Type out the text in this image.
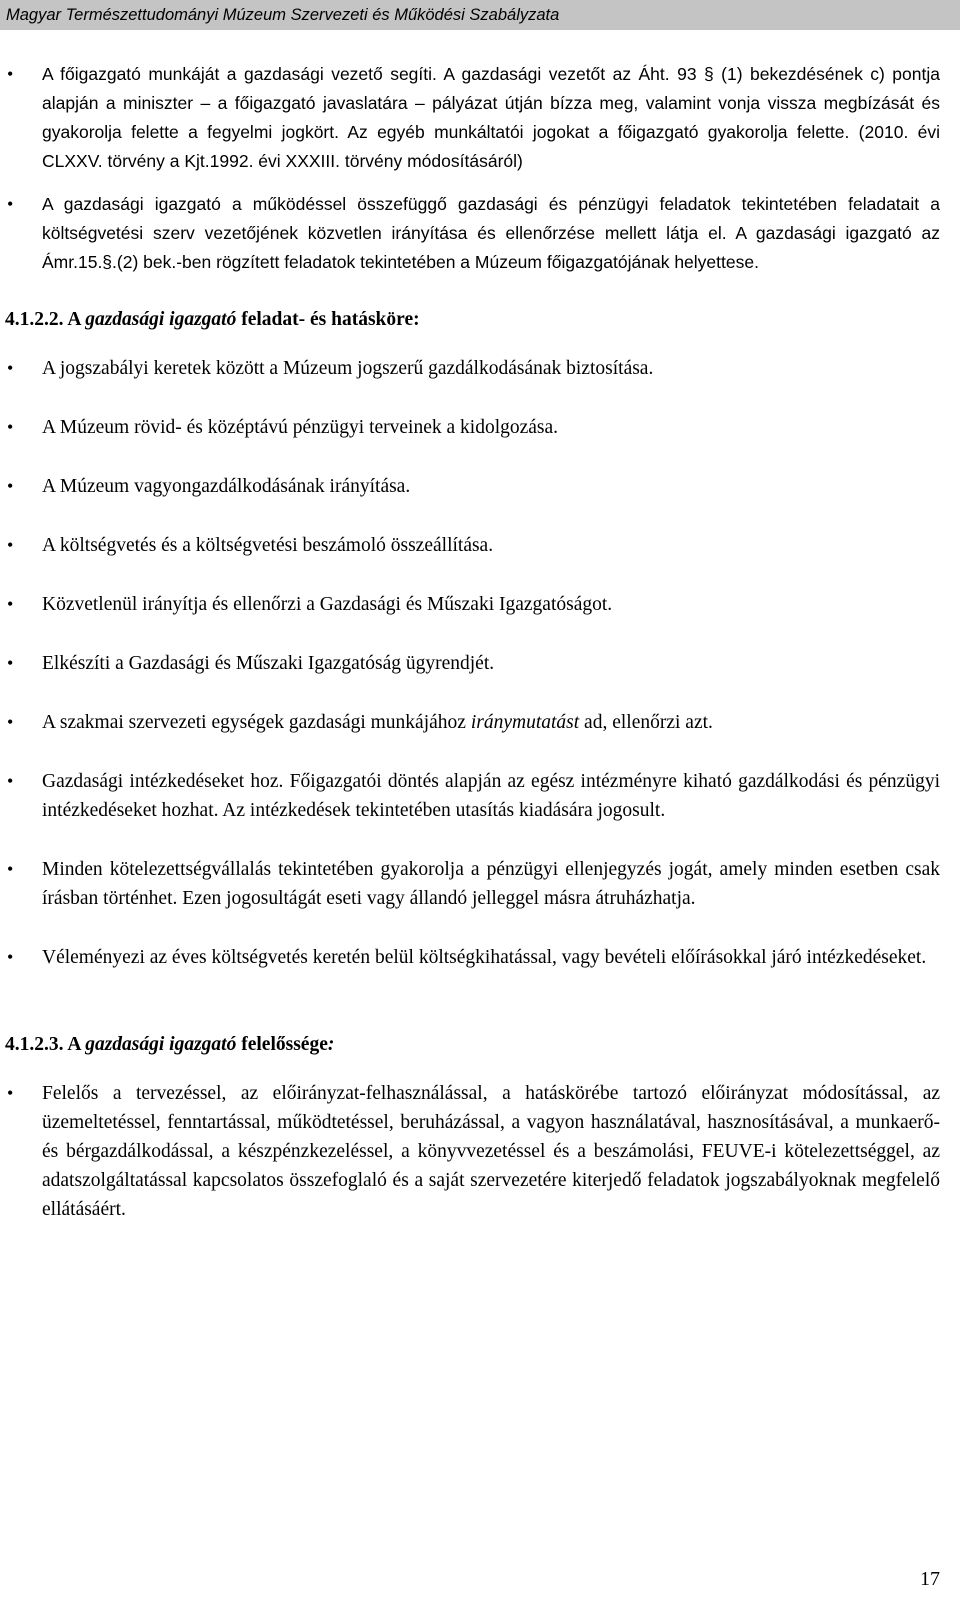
Magyar Természettudományi Múzeum Szervezeti és Működési Szabályzata
• A főigazgató munkáját a gazdasági vezető segíti. A gazdasági vezetőt az Áht. 93 § (1) bekezdésének c) pontja alapján a miniszter – a főigazgató javaslatára – pályázat útján bízza meg, valamint vonja vissza megbízását és gyakorolja felette a fegyelmi jogkört. Az egyéb munkáltatói jogokat a főigazgató gyakorolja felette. (2010. évi CLXXV. törvény a Kjt.1992. évi XXXIII. törvény módosításáról)
• A gazdasági igazgató a működéssel összefüggő gazdasági és pénzügyi feladatok tekintetében feladatait a költségvetési szerv vezetőjének közvetlen irányítása és ellenőrzése mellett látja el. A gazdasági igazgató az Ámr.15.§.(2) bek.-ben rögzített feladatok tekintetében a Múzeum főigazgatójának helyettese.
4.1.2.2. A gazdasági igazgató feladat- és hatásköre:
• A jogszabályi keretek között a Múzeum jogszerű gazdálkodásának biztosítása.
• A Múzeum rövid- és középtávú pénzügyi terveinek a kidolgozása.
• A Múzeum vagyongazdálkodásának irányítása.
• A költségvetés és a költségvetési beszámoló összeállítása.
• Közvetlenül irányítja és ellenőrzi a Gazdasági és Műszaki Igazgatóságot.
• Elkészíti a Gazdasági és Műszaki Igazgatóság ügyrendjét.
• A szakmai szervezeti egységek gazdasági munkájához iránymutatást ad, ellenőrzi azt.
• Gazdasági intézkedéseket hoz. Főigazgatói döntés alapján az egész intézményre kiható gazdálkodási és pénzügyi intézkedéseket hozhat. Az intézkedések tekintetében utasítás kiadására jogosult.
• Minden kötelezettségvállalás tekintetében gyakorolja a pénzügyi ellenjegyzés jogát, amely minden esetben csak írásban történhet. Ezen jogosultágát eseti vagy állandó jelleggel másra átruházhatja.
• Véleményezi az éves költségvetés keretén belül költségkihatással, vagy bevételi előírásokkal járó intézkedéseket.
4.1.2.3. A gazdasági igazgató felelőssége:
• Felelős a tervezéssel, az előirányzat-felhasználással, a hatáskörébe tartozó előirányzat módosítással, az üzemeltetéssel, fenntartással, működtetéssel, beruházással, a vagyon használatával, hasznosításával, a munkaerő-és bérgazdálkodással, a készpénzkezeléssel, a könyvvezetéssel és a beszámolási, FEUVE-i kötelezettséggel, az adatszolgáltatással kapcsolatos összefoglaló és a saját szervezetére kiterjedő feladatok jogszabályoknak megfelelő ellátásáért.
17
